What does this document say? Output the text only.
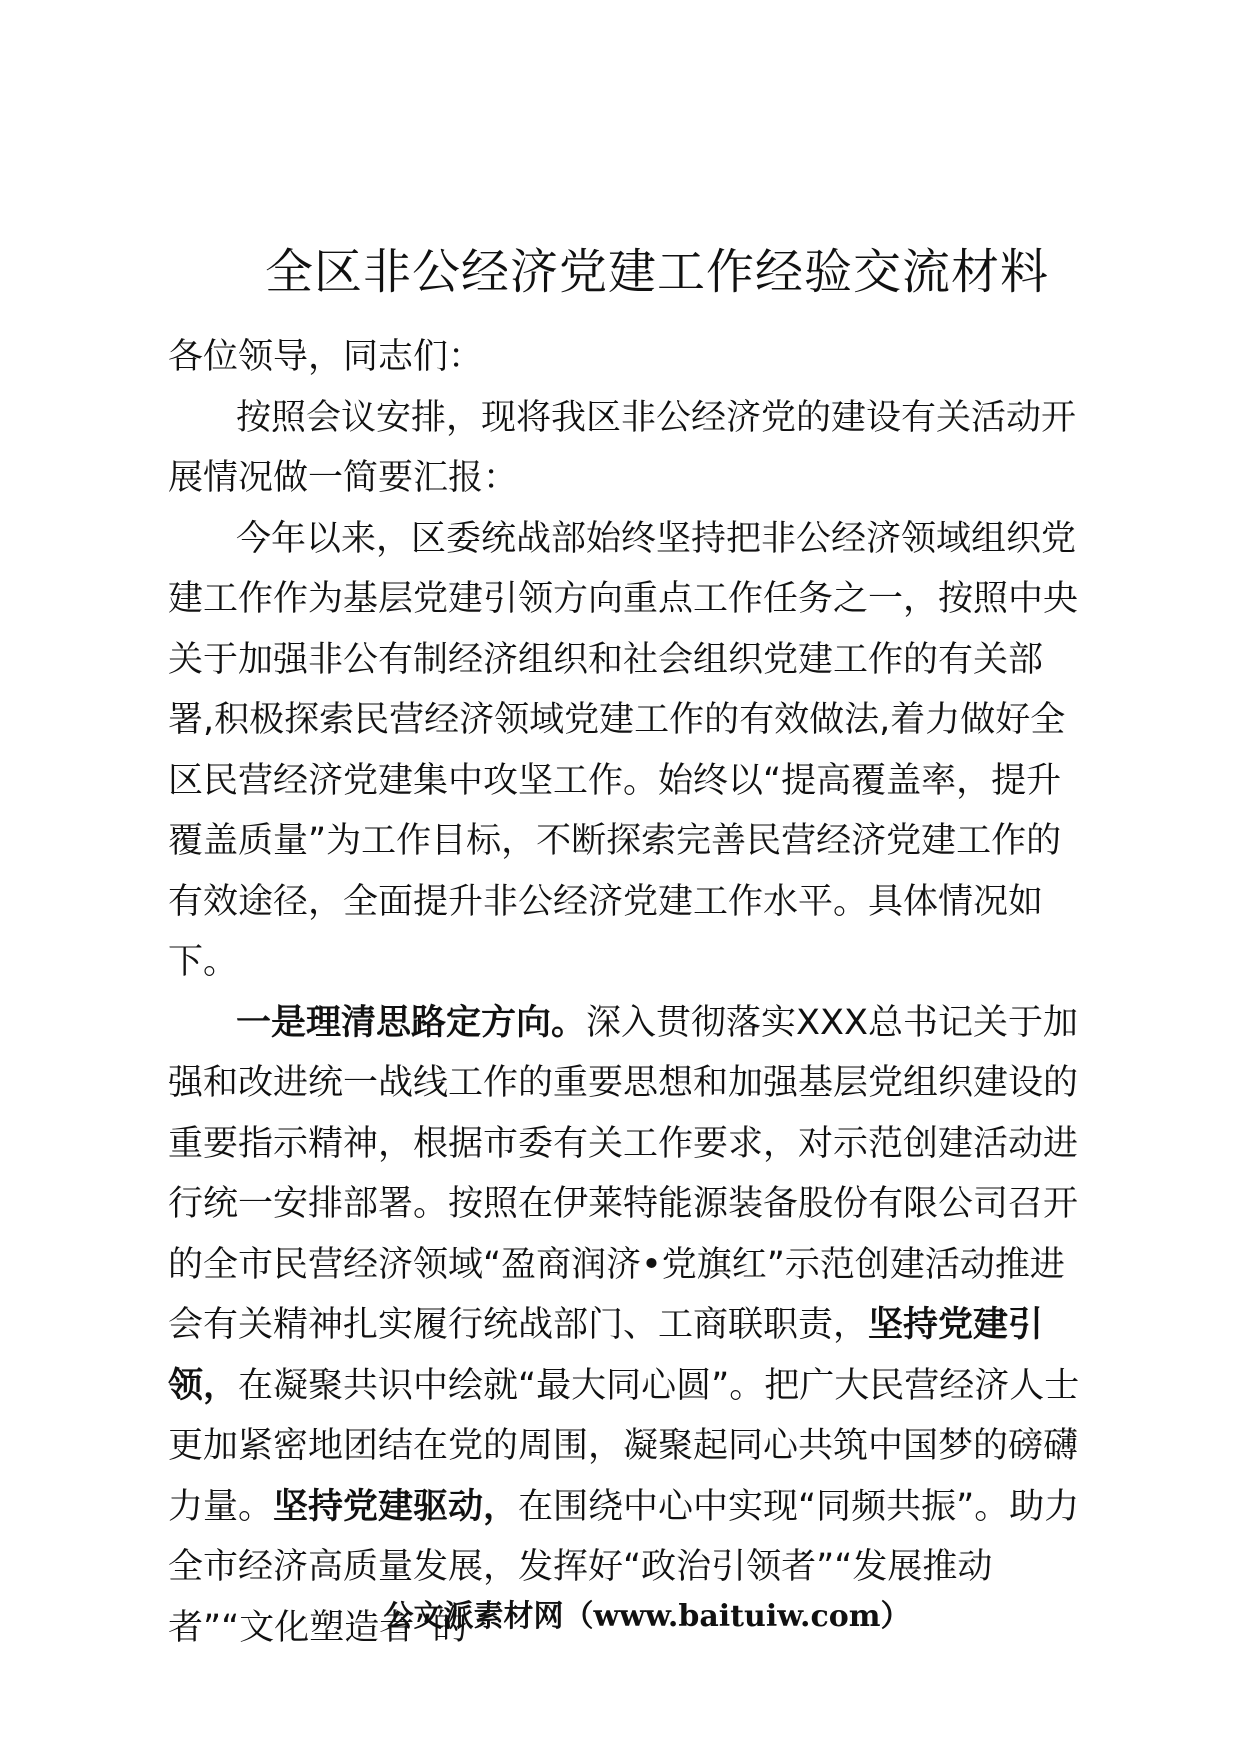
全区非公经济党建工作经验交流材料

各位领导，同志们：

按照会议安排，现将我区非公经济党的建设有关活动开展情况做一简要汇报：

今年以来，区委统战部始终坚持把非公经济领域组织党建工作作为基层党建引领方向重点工作任务之一，按照中央关于加强非公有制经济组织和社会组织党建工作的有关部署,积极探索民营经济领域党建工作的有效做法,着力做好全区民营经济党建集中攻坚工作。始终以“提高覆盖率，提升覆盖质量”为工作目标，不断探索完善民营经济党建工作的有效途径，全面提升非公经济党建工作水平。具体情况如下。

一是理清思路定方向。深入贯彻落实XXX总书记关于加强和改进统一战线工作的重要思想和加强基层党组织建设的重要指示精神，根据市委有关工作要求，对示范创建活动进行统一安排部署。按照在伊莱特能源装备股份有限公司召开的全市民营经济领域“盈商润济•党旗红”示范创建活动推进会有关精神扎实履行统战部门、工商联职责，坚持党建引领，在凝聚共识中绘就“最大同心圆”。把广大民营经济人士更加紧密地团结在党的周围，凝聚起同心共筑中国梦的磅礴力量。坚持党建驱动，在围绕中心中实现“同频共振”。助力全市经济高质量发展，发挥好“政治引领者”“发展推动者”“文化塑造者”的

公文派素材网（www.baituiw.com）
